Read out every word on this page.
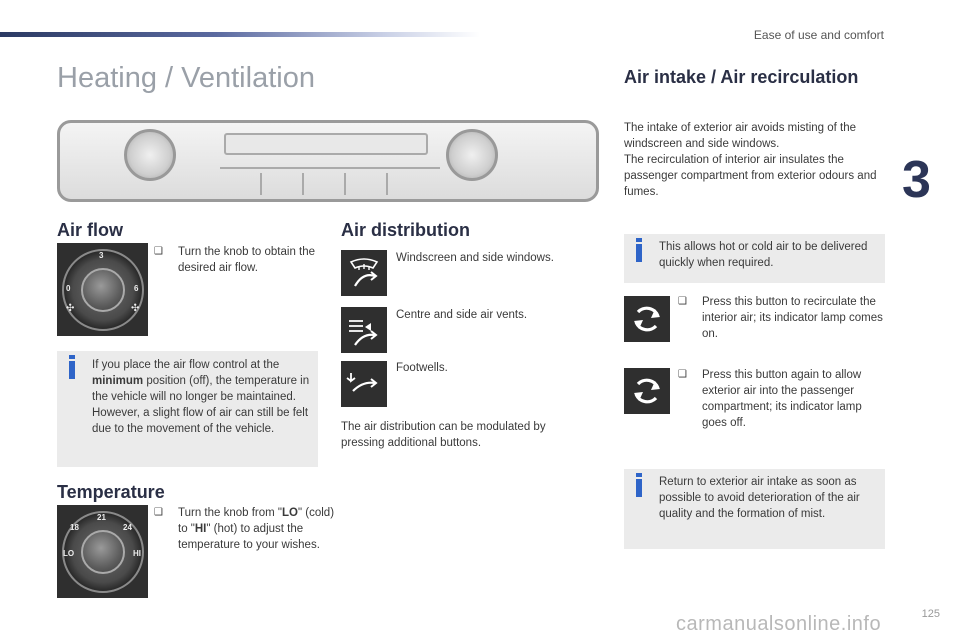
Ease of use and comfort
3
Heating / Ventilation
Air flow
3
0	6
✣	✣
❑ Turn the knob to obtain the desired air flow.
If you place the air flow control at the minimum position (off), the temperature in the vehicle will no longer be maintained. However, a slight flow of air can still be felt due to the movement of the vehicle.
Temperature
21
18	24
LO	HI
❑ Turn the knob from "LO" (cold) to "HI" (hot) to adjust the temperature to your wishes.
Air distribution
Windscreen and side windows.
Centre and side air vents.
Footwells.
The air distribution can be modulated by pressing additional buttons.
Air intake / Air recirculation
The intake of exterior air avoids misting of the windscreen and side windows.
The recirculation of interior air insulates the passenger compartment from exterior odours and fumes.
This allows hot or cold air to be delivered quickly when required.
❑ Press this button to recirculate the interior air; its indicator lamp comes on.
❑ Press this button again to allow exterior air into the passenger compartment; its indicator lamp goes off.
Return to exterior air intake as soon as possible to avoid deterioration of the air quality and the formation of mist.
carmanualsonline.info	125
